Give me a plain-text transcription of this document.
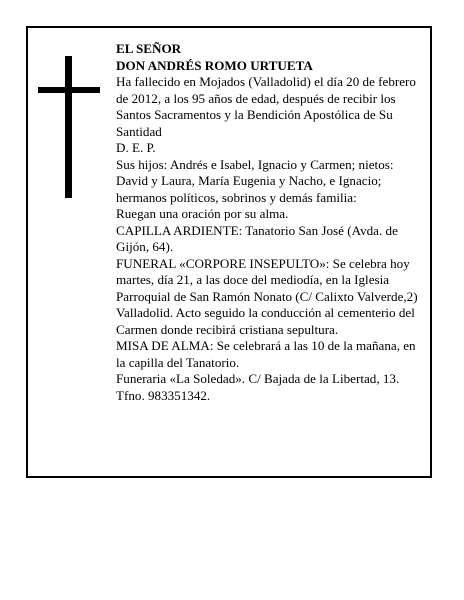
EL SEÑOR

DON ANDRÉS ROMO URTUETA

Ha fallecido en Mojados (Valladolid) el día 20 de febrero de 2012, a los 95 años de edad, después de recibir los Santos Sacramentos y la Bendición Apostólica de Su Santidad

D. E. P.

Sus hijos: Andrés e Isabel, Ignacio y Carmen; nietos: David y Laura, María Eugenia y Nacho, e Ignacio; hermanos políticos, sobrinos y demás familia:

Ruegan una oración por su alma.

CAPILLA ARDIENTE: Tanatorio San José (Avda. de Gijón, 64).

FUNERAL «CORPORE INSEPULTO»: Se celebra hoy martes, día 21, a las doce del mediodía, en la Iglesia Parroquial de San Ramón Nonato (C/ Calixto Valverde,2) Valladolid. Acto seguido la conducción al cementerio del Carmen donde recibirá cristiana sepultura.

MISA DE ALMA: Se celebrará a las 10 de la mañana, en la capilla del Tanatorio.

Funeraria «La Soledad». C/ Bajada de la Libertad, 13. Tfno. 983351342.
